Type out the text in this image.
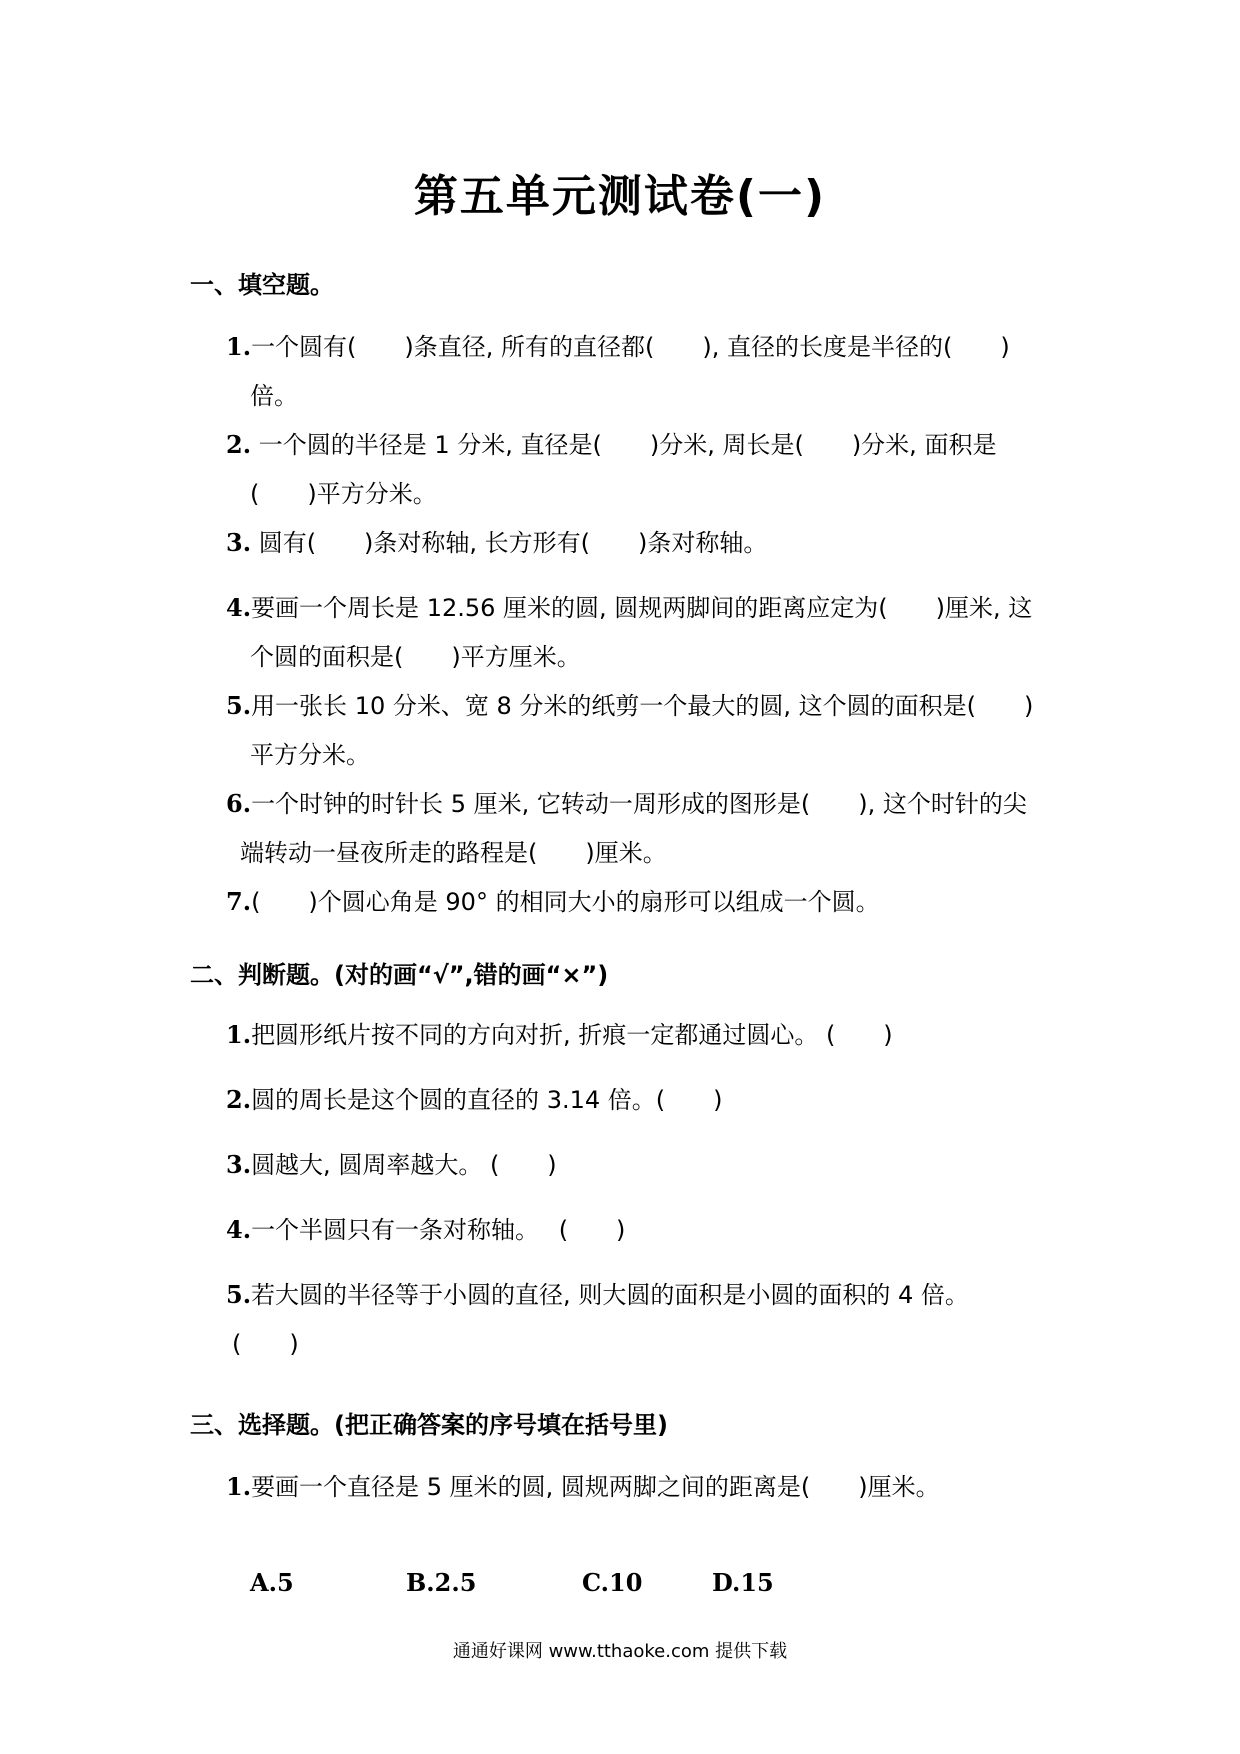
第五单元测试卷(一)
一、填空题。
1.一个圆有(　　)条直径, 所有的直径都(　　), 直径的长度是半径的(　　)
倍。
2. 一个圆的半径是 1 分米, 直径是(　　)分米, 周长是(　　)分米, 面积是
(　　)平方分米。
3. 圆有(　　)条对称轴, 长方形有(　　)条对称轴。
4.要画一个周长是 12.56 厘米的圆, 圆规两脚间的距离应定为(　　)厘米, 这
个圆的面积是(　　)平方厘米。
5.用一张长 10 分米、宽 8 分米的纸剪一个最大的圆, 这个圆的面积是(　　)
平方分米。
6.一个时钟的时针长 5 厘米, 它转动一周形成的图形是(　　), 这个时针的尖
端转动一昼夜所走的路程是(　　)厘米。
7.(　　)个圆心角是 90° 的相同大小的扇形可以组成一个圆。
二、判断题。(对的画“√”,错的画“×”)
1.把圆形纸片按不同的方向对折, 折痕一定都通过圆心。 (　　)
2.圆的周长是这个圆的直径的 3.14 倍。(　　)
3.圆越大, 圆周率越大。 (　　)
4.一个半圆只有一条对称轴。　 (　　)
5.若大圆的半径等于小圆的直径, 则大圆的面积是小圆的面积的 4 倍。
(　　)
三、选择题。(把正确答案的序号填在括号里)
1.要画一个直径是 5 厘米的圆, 圆规两脚之间的距离是(　　)厘米。
A.5	B.2.5	C.10	D.15
通通好课网 www.tthaoke.com 提供下载
